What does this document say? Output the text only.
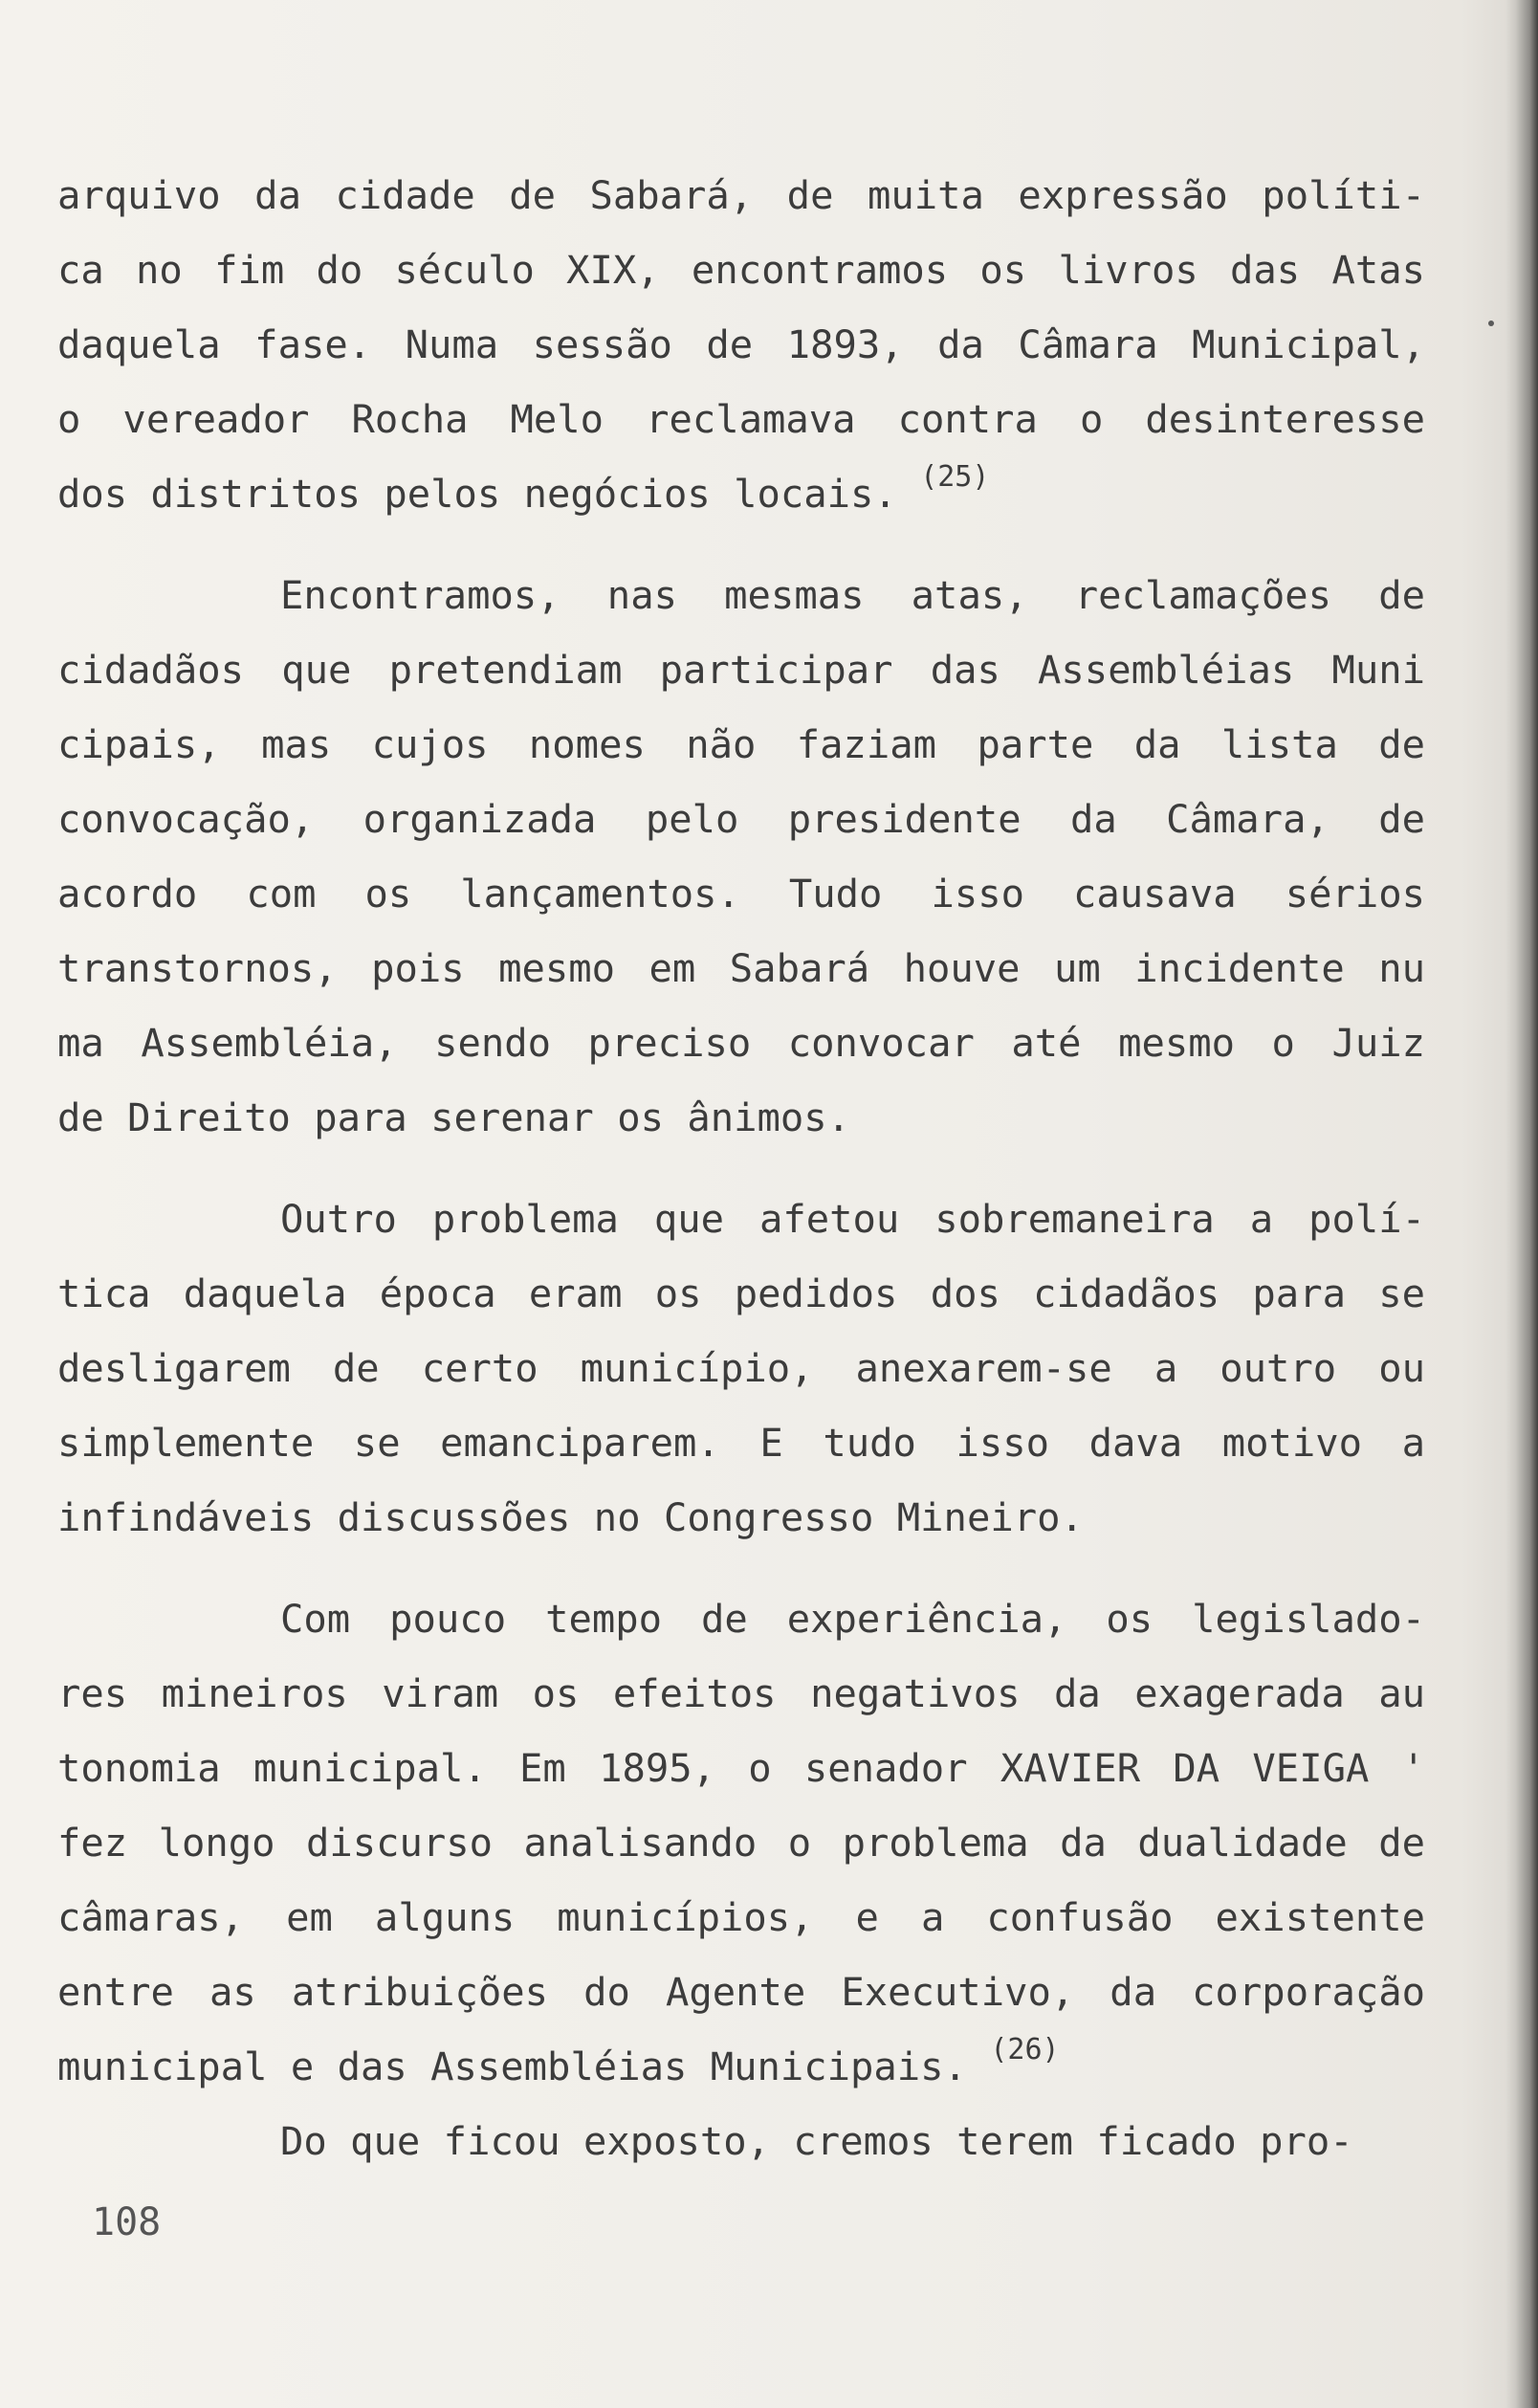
arquivo da cidade de Sabará, de muita expressão políti-
ca no fim do século XIX, encontramos os livros das Atas
daquela fase. Numa sessão de 1893, da Câmara Municipal,
o vereador Rocha Melo reclamava contra o desinteresse
dos distritos pelos negócios locais. $^{(25)}$
Encontramos, nas mesmas atas, reclamações de
cidadãos que pretendiam participar das Assembléias Muni
cipais, mas cujos nomes não faziam parte da lista de
convocação, organizada pelo presidente da Câmara, de
acordo com os lançamentos. Tudo isso causava sérios
transtornos, pois mesmo em Sabará houve um incidente nu
ma Assembléia, sendo preciso convocar até mesmo o Juiz
de Direito para serenar os ânimos.
Outro problema que afetou sobremaneira a polí-
tica daquela época eram os pedidos dos cidadãos para se
desligarem de certo município, anexarem-se a outro ou
simplemente se emanciparem. E tudo isso dava motivo a
infindáveis discussões no Congresso Mineiro.
Com pouco tempo de experiência, os legislado-
res mineiros viram os efeitos negativos da exagerada au
tonomia municipal. Em 1895, o senador XAVIER DA VEIGA '
fez longo discurso analisando o problema da dualidade de
câmaras, em alguns municípios, e a confusão existente
entre as atribuições do Agente Executivo, da corporação
municipal e das Assembléias Municipais. $^{(26)}$
Do que ficou exposto, cremos terem ficado pro-
108
